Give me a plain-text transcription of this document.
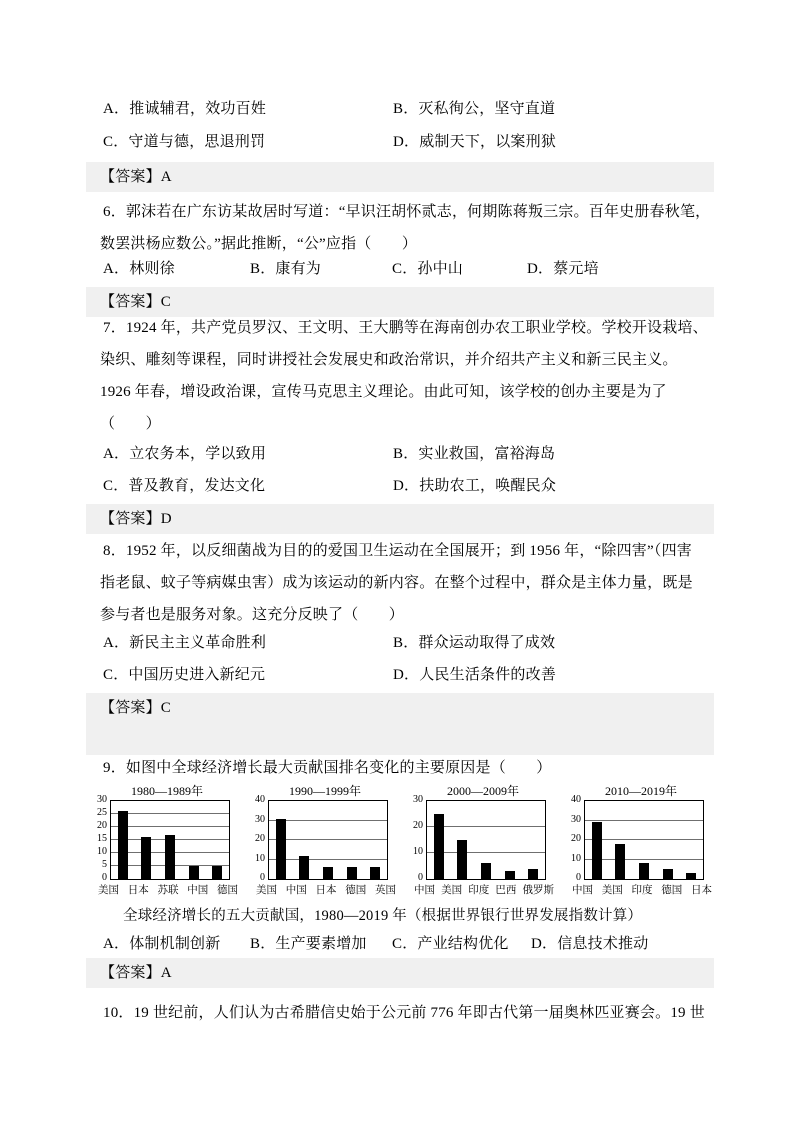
A．推诚辅君，效功百姓	B．灭私徇公，坚守直道
C．守道与德，思退刑罚	D．威制天下，以案刑狱
【答案】A
6．郭沫若在广东访某故居时写道：“早识汪胡怀贰志，何期陈蒋叛三宗。百年史册春秋笔，
数罢洪杨应数公。”据此推断，“公”应指（　　）
A．林则徐	B．康有为	C．孙中山	D．蔡元培
【答案】C
7．1924 年，共产党员罗汉、王文明、王大鹏等在海南创办农工职业学校。学校开设栽培、
染织、雕刻等课程，同时讲授社会发展史和政治常识，并介绍共产主义和新三民主义。
1926 年春，增设政治课，宣传马克思主义理论。由此可知，该学校的创办主要是为了
（　　）
A．立农务本，学以致用	B．实业救国，富裕海岛
C．普及教育，发达文化	D．扶助农工，唤醒民众
【答案】D
8．1952 年，以反细菌战为目的的爱国卫生运动在全国展开；到 1956 年，“除四害”（四害
指老鼠、蚊子等病媒虫害）成为该运动的新内容。在整个过程中，群众是主体力量，既是
参与者也是服务对象。这充分反映了（　　）
A．新民主主义革命胜利	B．群众运动取得了成效
C．中国历史进入新纪元	D．人民生活条件的改善
【答案】C
9．如图中全球经济增长最大贡献国排名变化的主要原因是（　　）
1980—1989年
0
5
10
15
20
25
30
美国 日本 苏联 中国 德国
1990—1999年
0
10
20
30
40
美国 中国 日本 德国 英国
2000—2009年
0
10
20
30
中国 美国 印度 巴西 俄罗斯
2010—2019年
0
10
20
30
40
中国 美国 印度 德国 日本
全球经济增长的五大贡献国，1980—2019 年（根据世界银行世界发展指数计算）
A．体制机制创新 B．生产要素增加 C．产业结构优化 D．信息技术推动
【答案】A
10．19 世纪前，人们认为古希腊信史始于公元前 776 年即古代第一届奥林匹亚赛会。19 世
